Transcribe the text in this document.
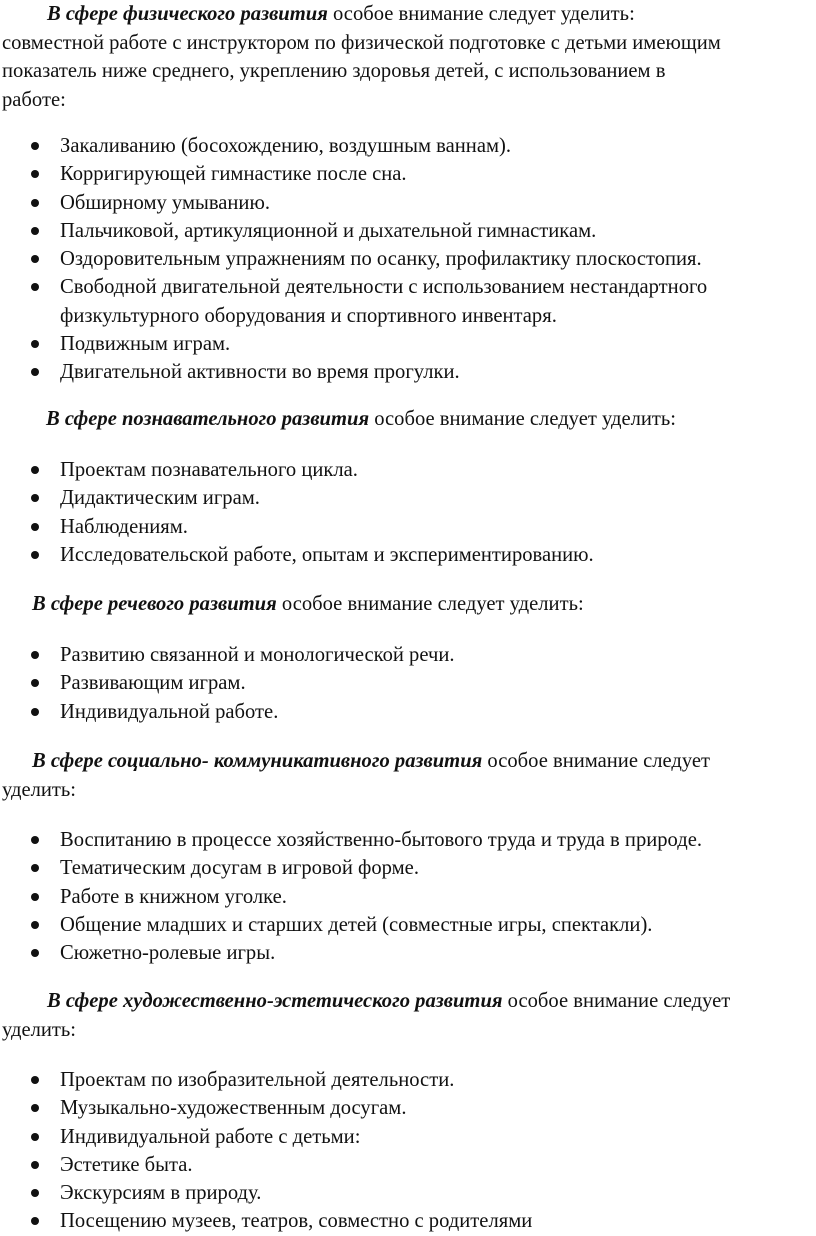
В сфере физического развития особое внимание следует уделить:
совместной работе с инструктором по физической подготовке с детьми имеющим
показатель ниже среднего, укреплению здоровья детей, с использованием в
работе:
Закаливанию (босохождению, воздушным ваннам).
Корригирующей гимнастике после сна.
Обширному умыванию.
Пальчиковой, артикуляционной и дыхательной гимнастикам.
Оздоровительным упражнениям по осанку, профилактику плоскостопия.
Свободной двигательной деятельности с использованием нестандартного
физкультурного оборудования и спортивного инвентаря.
Подвижным играм.
Двигательной активности во время прогулки.
В сфере познавательного развития особое внимание следует уделить:
Проектам познавательного цикла.
Дидактическим играм.
Наблюдениям.
Исследовательской работе, опытам и экспериментированию.
В сфере речевого развития особое внимание следует уделить:
Развитию связанной и монологической речи.
Развивающим играм.
Индивидуальной работе.
В сфере социально- коммуникативного развития особое внимание следует
уделить:
Воспитанию в процессе хозяйственно-бытового труда и труда в природе.
Тематическим досугам в игровой форме.
Работе в книжном уголке.
Общение младших и старших детей (совместные игры, спектакли).
Сюжетно-ролевые игры.
В сфере художественно-эстетического развития особое внимание следует
уделить:
Проектам по изобразительной деятельности.
Музыкально-художественным досугам.
Индивидуальной работе с детьми:
Эстетике быта.
Экскурсиям в природу.
Посещению музеев, театров, совместно с родителями
